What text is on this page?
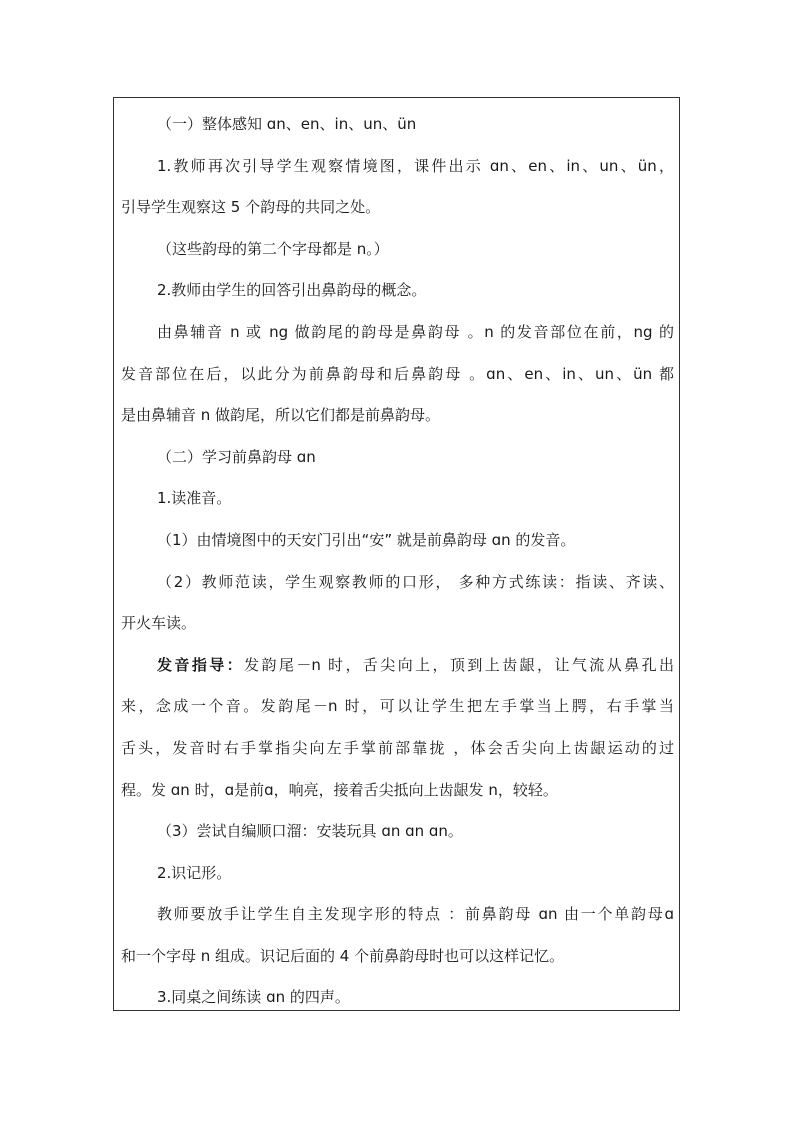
（一）整体感知 ɑn、en、in、un、ün
1.教师再次引导学生观察情境图，课件出示 ɑn、en、in、un、ün，
引导学生观察这 5 个韵母的共同之处。
（这些韵母的第二个字母都是 n。）
2.教师由学生的回答引出鼻韵母的概念。
由鼻辅音 n 或 ng 做韵尾的韵母是鼻韵母 。n 的发音部位在前，ng 的
发音部位在后，以此分为前鼻韵母和后鼻韵母 。ɑn、en、in、un、ün 都
是由鼻辅音 n 做韵尾，所以它们都是前鼻韵母。
（二）学习前鼻韵母 ɑn
1.读准音。
（1）由情境图中的天安门引出“安” 就是前鼻韵母 ɑn 的发音。
（2）教师范读，学生观察教师的口形， 多种方式练读：指读、齐读、
开火车读。
发音指导：发韵尾－n 时，舌尖向上，顶到上齿龈，让气流从鼻孔出
来，念成一个音。发韵尾－n 时，可以让学生把左手掌当上腭，右手掌当
舌头，发音时右手掌指尖向左手掌前部靠拢 ，体会舌尖向上齿龈运动的过
程。发 ɑn 时，ɑ是前ɑ，响亮，接着舌尖抵向上齿龈发 n，较轻。
（3）尝试自编顺口溜：安装玩具 ɑn ɑn ɑn。
2.识记形。
教师要放手让学生自主发现字形的特点 ：前鼻韵母 ɑn 由一个单韵母ɑ
和一个字母 n 组成。识记后面的 4 个前鼻韵母时也可以这样记忆。
3.同桌之间练读 ɑn 的四声。
